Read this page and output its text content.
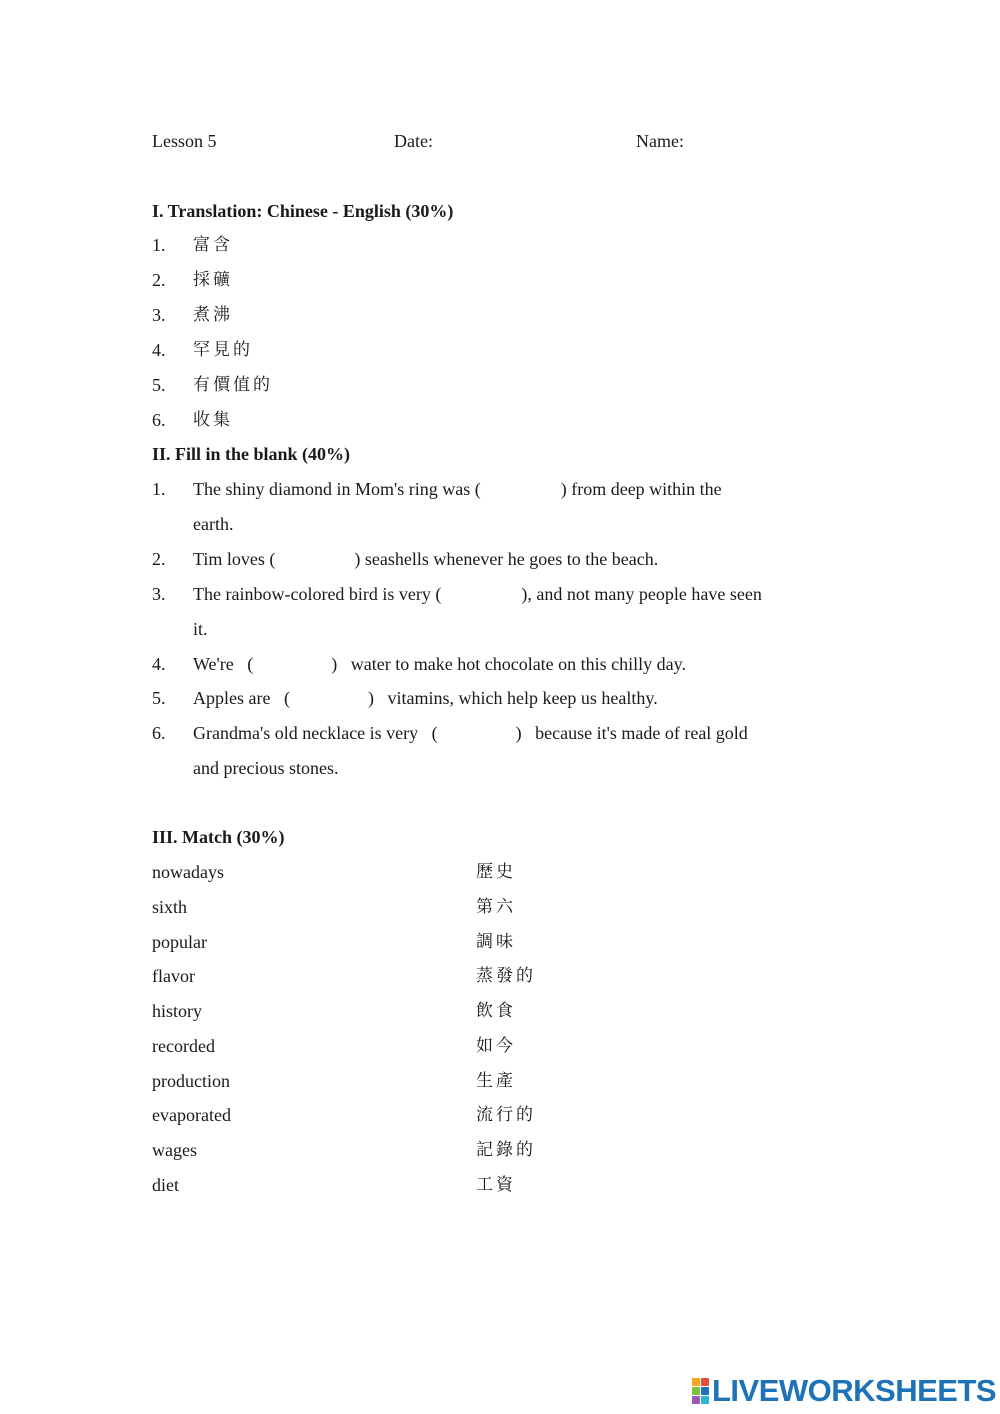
Lesson 5	Date:	Name:
I. Translation: Chinese - English (30%)
1. 富含
2. 採礦
3. 煮沸
4. 罕見的
5. 有價值的
6. 收集
II. Fill in the blank (40%)
1. The shiny diamond in Mom's ring was (	) from deep within the
earth.
2. Tim loves (	) seashells whenever he goes to the beach.
3. The rainbow-colored bird is very (	), and not many people have seen
it.
4. We're   (	)   water to make hot chocolate on this chilly day.
5. Apples are   (	)   vitamins, which help keep us healthy.
6. Grandma's old necklace is very   (	)   because it's made of real gold
and precious stones.
III. Match (30%)
nowadays	歷史
sixth	第六
popular	調味
flavor	蒸發的
history	飲食
recorded	如今
production	生產
evaporated	流行的
wages	記錄的
diet	工資
LIVEWORKSHEETS
